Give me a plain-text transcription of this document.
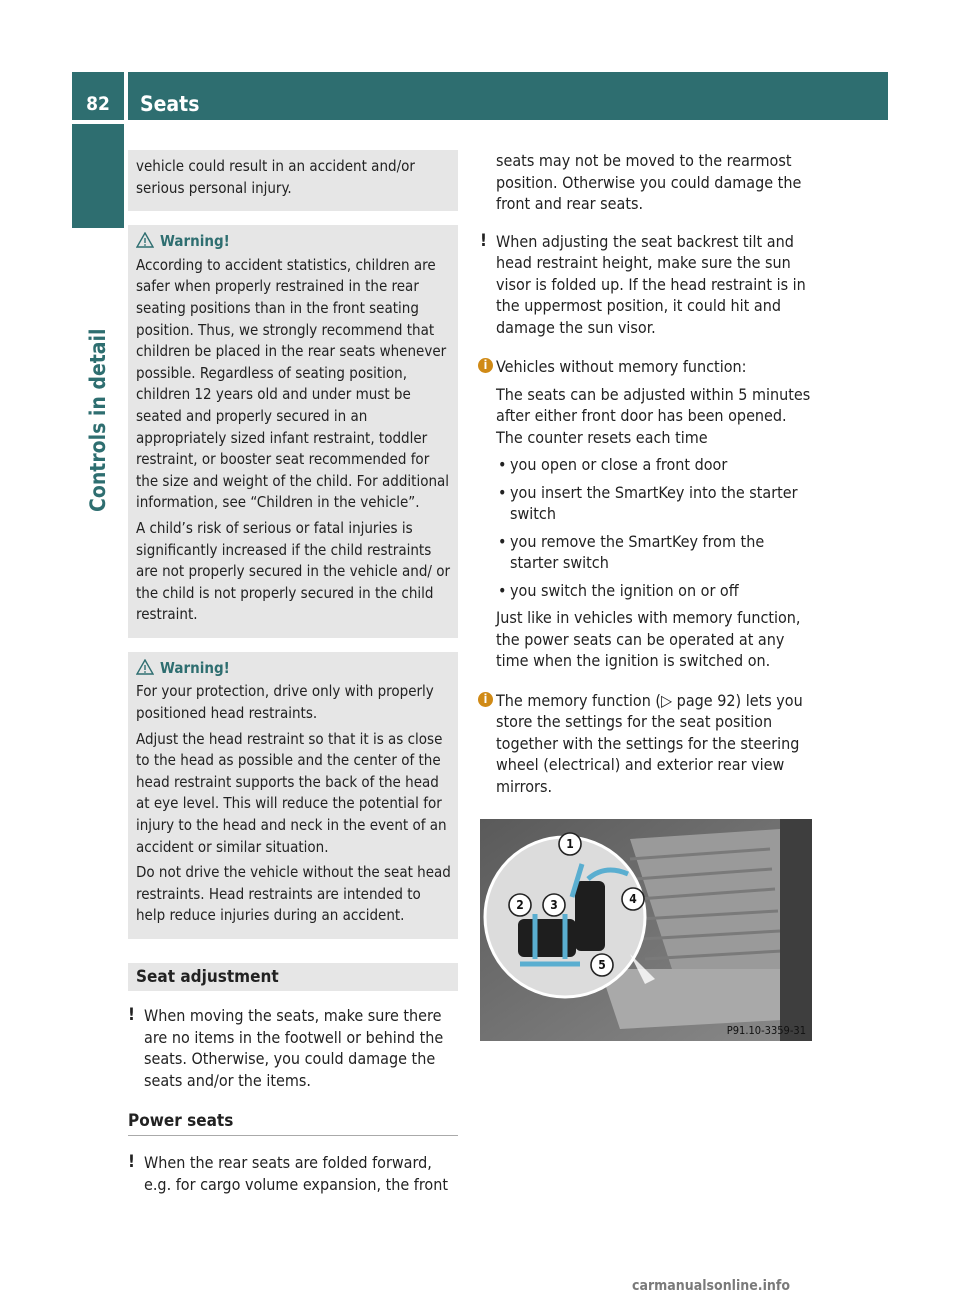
82	Seats
Controls in detail

vehicle could result in an accident and/or serious personal injury.

Warning!

According to accident statistics, children are safer when properly restrained in the rear seating positions than in the front seating position. Thus, we strongly recommend that children be placed in the rear seats whenever possible. Regardless of seating position, children 12 years old and under must be seated and properly secured in an appropriately sized infant restraint, toddler restraint, or booster seat recommended for the size and weight of the child. For additional information, see “Children in the vehicle”.

A child’s risk of serious or fatal injuries is significantly increased if the child restraints are not properly secured in the vehicle and/ or the child is not properly secured in the child restraint.

Warning!

For your protection, drive only with properly positioned head restraints.

Adjust the head restraint so that it is as close to the head as possible and the center of the head restraint supports the back of the head at eye level. This will reduce the potential for injury to the head and neck in the event of an accident or similar situation.

Do not drive the vehicle without the seat head restraints. Head restraints are intended to help reduce injuries during an accident.

Seat adjustment
! When moving the seats, make sure there are no items in the footwell or behind the seats. Otherwise, you could damage the seats and/or the items.
Power seats
! When the rear seats are folded forward, e.g. for cargo volume expansion, the front

seats may not be moved to the rearmost position. Otherwise you could damage the front and rear seats.

! When adjusting the seat backrest tilt and head restraint height, make sure the sun visor is folded up. If the head restraint is in the uppermost position, it could hit and damage the sun visor.
i Vehicles without memory function:

The seats can be adjusted within 5 minutes after either front door has been opened. The counter resets each time

• you open or close a front door
• you insert the SmartKey into the starter switch
• you remove the SmartKey from the starter switch
• you switch the ignition on or off

Just like in vehicles with memory function, the power seats can be operated at any time when the ignition is switched on.

i The memory function (▷ page 92) lets you store the settings for the seat position together with the settings for the steering wheel (electrical) and exterior rear view mirrors.
1
2 3	4
5
P91.10-3359-31
carmanualsonline.info
